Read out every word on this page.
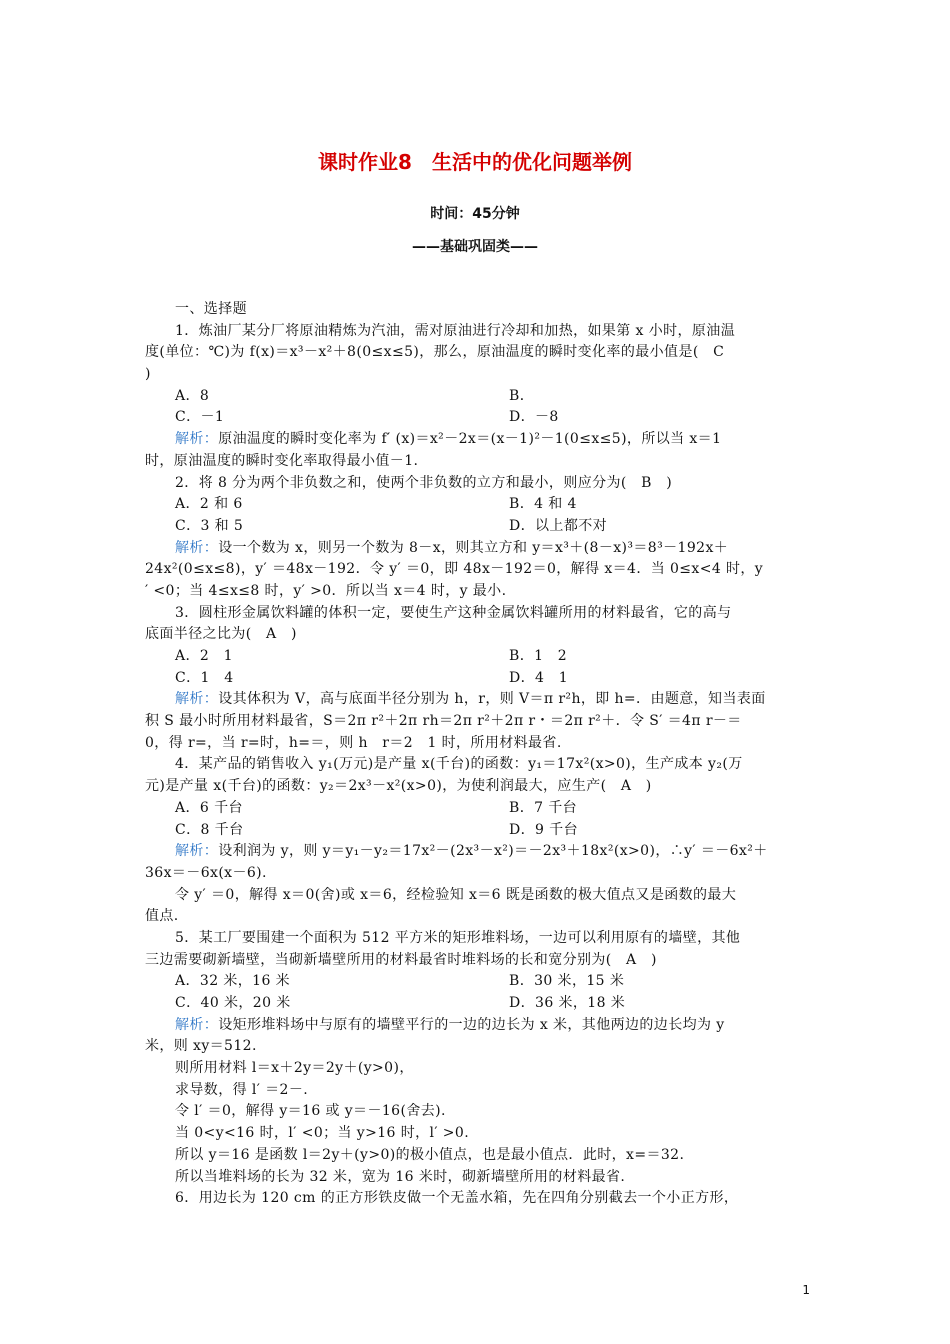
课时作业8　生活中的优化问题举例
时间：45分钟
——基础巩固类——
一、选择题
1．炼油厂某分厂将原油精炼为汽油，需对原油进行冷却和加热，如果第 x 小时，原油温
度(单位：℃)为 f(x)＝x³－x²＋8(0≤x≤5)，那么，原油温度的瞬时变化率的最小值是(　C
)
A．8	B．
C．－1	D．－8
解析：原油温度的瞬时变化率为 f′ (x)＝x²－2x＝(x－1)²－1(0≤x≤5)，所以当 x＝1
时，原油温度的瞬时变化率取得最小值－1.
2．将 8 分为两个非负数之和，使两个非负数的立方和最小，则应分为(　B　)
A．2 和 6	B．4 和 4
C．3 和 5	D．以上都不对
解析：设一个数为 x，则另一个数为 8－x，则其立方和 y＝x³＋(8－x)³＝8³－192x＋
24x²(0≤x≤8)，y′ ＝48x－192．令 y′ ＝0，即 48x－192＝0，解得 x＝4．当 0≤x<4 时，y
′ <0；当 4≤x≤8 时，y′ >0．所以当 x＝4 时，y 最小.
3．圆柱形金属饮料罐的体积一定，要使生产这种金属饮料罐所用的材料最省，它的高与
底面半径之比为(　A　)
A．2　1	B．1　2
C．1　4	D．4　1
解析：设其体积为 V，高与底面半径分别为 h，r，则 V＝π r²h，即 h=．由题意，知当表面
积 S 最小时所用材料最省，S＝2π r²＋2π rh＝2π r²＋2π r・＝2π r²＋．令 S′ ＝4π r－＝
0，得 r=，当 r=时，h=＝，则 h　r＝2　1 时，所用材料最省.
4．某产品的销售收入 y₁(万元)是产量 x(千台)的函数：y₁＝17x²(x>0)，生产成本 y₂(万
元)是产量 x(千台)的函数：y₂＝2x³－x²(x>0)，为使利润最大，应生产(　A　)
A．6 千台	B．7 千台
C．8 千台	D．9 千台
解析：设利润为 y，则 y＝y₁－y₂＝17x²－(2x³－x²)＝－2x³＋18x²(x>0)，∴y′ ＝－6x²＋
36x＝－6x(x－6).
令 y′ ＝0，解得 x＝0(舍)或 x＝6，经检验知 x＝6 既是函数的极大值点又是函数的最大
值点.
5．某工厂要围建一个面积为 512 平方米的矩形堆料场，一边可以利用原有的墙壁，其他
三边需要砌新墙壁，当砌新墙壁所用的材料最省时堆料场的长和宽分别为(　A　)
A．32 米，16 米	B．30 米，15 米
C．40 米，20 米	D．36 米，18 米
解析：设矩形堆料场中与原有的墙壁平行的一边的边长为 x 米，其他两边的边长均为 y
米，则 xy＝512.
则所用材料 l＝x＋2y＝2y＋(y>0)，
求导数，得 l′ ＝2－.
令 l′ ＝0，解得 y＝16 或 y＝－16(舍去).
当 0<y<16 时，l′ <0；当 y>16 时，l′ >0.
所以 y＝16 是函数 l＝2y＋(y>0)的极小值点，也是最小值点．此时，x=＝32.
所以当堆料场的长为 32 米，宽为 16 米时，砌新墙壁所用的材料最省.
6．用边长为 120 cm 的正方形铁皮做一个无盖水箱，先在四角分别截去一个小正方形，
1
